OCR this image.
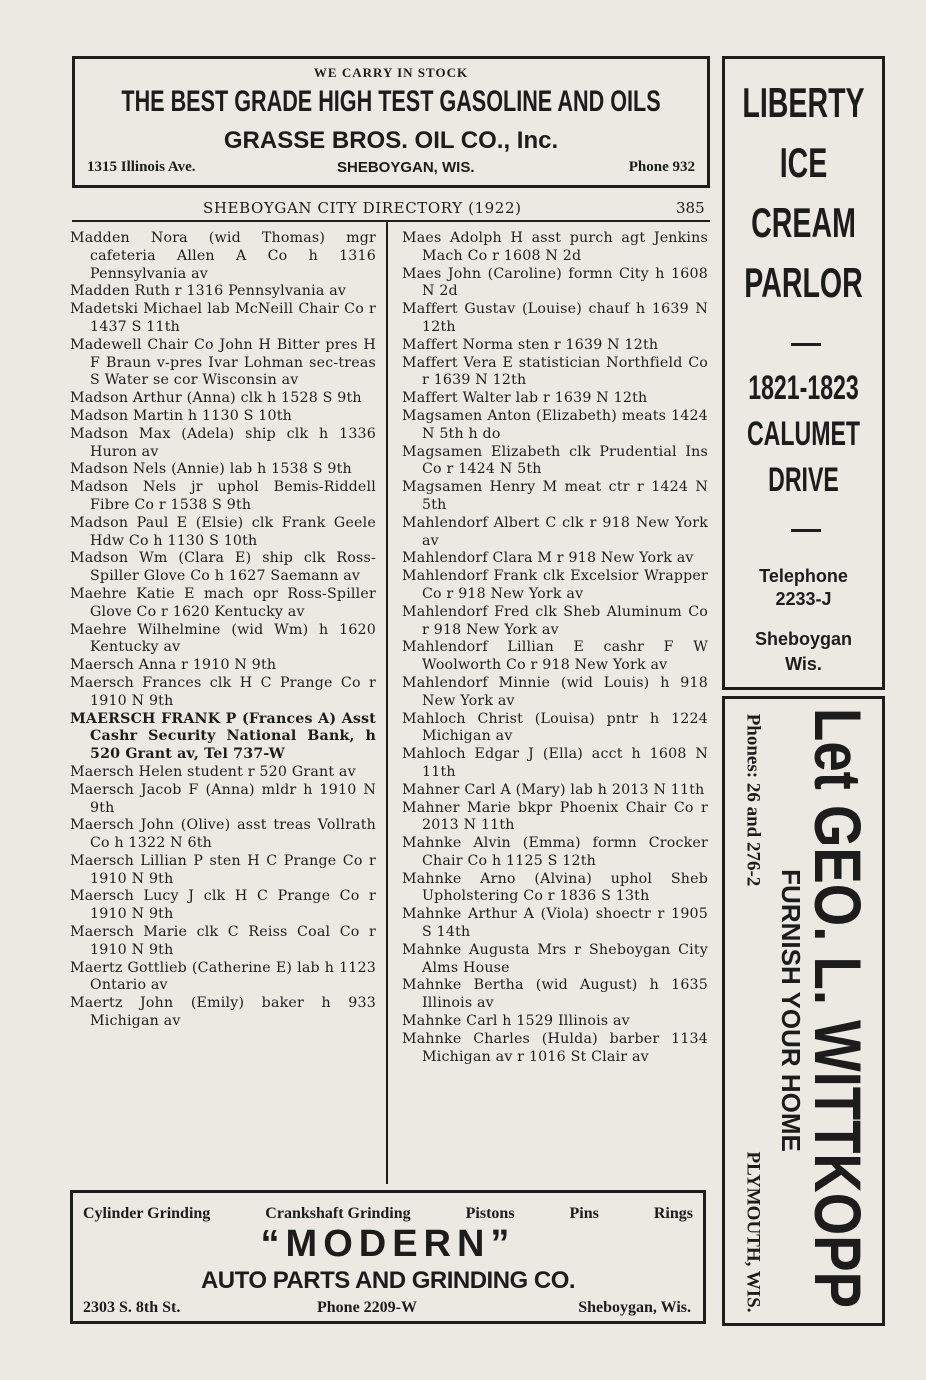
WE CARRY IN STOCK
THE BEST GRADE HIGH TEST GASOLINE AND OILS
GRASSE BROS. OIL CO., Inc.
1315 Illinois Ave.	SHEBOYGAN, WIS.	Phone 932
SHEBOYGAN CITY DIRECTORY (1922)	385
Madden Nora (wid Thomas) mgr cafeteria Allen A Co h 1316 Pennsylvania av
Madden Ruth r 1316 Pennsylvania av
Madetski Michael lab McNeill Chair Co r 1437 S 11th
Madewell Chair Co John H Bitter pres H F Braun v-pres Ivar Lohman sec-treas S Water se cor Wisconsin av
Madson Arthur (Anna) clk h 1528 S 9th
Madson Martin h 1130 S 10th
Madson Max (Adela) ship clk h 1336 Huron av
Madson Nels (Annie) lab h 1538 S 9th
Madson Nels jr uphol Bemis-Riddell Fibre Co r 1538 S 9th
Madson Paul E (Elsie) clk Frank Geele Hdw Co h 1130 S 10th
Madson Wm (Clara E) ship clk Ross-Spiller Glove Co h 1627 Saemann av
Maehre Katie E mach opr Ross-Spiller Glove Co r 1620 Kentucky av
Maehre Wilhelmine (wid Wm) h 1620 Kentucky av
Maersch Anna r 1910 N 9th
Maersch Frances clk H C Prange Co r 1910 N 9th
MAERSCH FRANK P (Frances A) Asst Cashr Security National Bank, h 520 Grant av, Tel 737-W
Maersch Helen student r 520 Grant av
Maersch Jacob F (Anna) mldr h 1910 N 9th
Maersch John (Olive) asst treas Vollrath Co h 1322 N 6th
Maersch Lillian P sten H C Prange Co r 1910 N 9th
Maersch Lucy J clk H C Prange Co r 1910 N 9th
Maersch Marie clk C Reiss Coal Co r 1910 N 9th
Maertz Gottlieb (Catherine E) lab h 1123 Ontario av
Maertz John (Emily) baker h 933 Michigan av
Maes Adolph H asst purch agt Jenkins Mach Co r 1608 N 2d
Maes John (Caroline) formn City h 1608 N 2d
Maffert Gustav (Louise) chauf h 1639 N 12th
Maffert Norma sten r 1639 N 12th
Maffert Vera E statistician Northfield Co r 1639 N 12th
Maffert Walter lab r 1639 N 12th
Magsamen Anton (Elizabeth) meats 1424 N 5th h do
Magsamen Elizabeth clk Prudential Ins Co r 1424 N 5th
Magsamen Henry M meat ctr r 1424 N 5th
Mahlendorf Albert C clk r 918 New York av
Mahlendorf Clara M r 918 New York av
Mahlendorf Frank clk Excelsior Wrapper Co r 918 New York av
Mahlendorf Fred clk Sheb Aluminum Co r 918 New York av
Mahlendorf Lillian E cashr F W Woolworth Co r 918 New York av
Mahlendorf Minnie (wid Louis) h 918 New York av
Mahloch Christ (Louisa) pntr h 1224 Michigan av
Mahloch Edgar J (Ella) acct h 1608 N 11th
Mahner Carl A (Mary) lab h 2013 N 11th
Mahner Marie bkpr Phoenix Chair Co r 2013 N 11th
Mahnke Alvin (Emma) formn Crocker Chair Co h 1125 S 12th
Mahnke Arno (Alvina) uphol Sheb Upholstering Co r 1836 S 13th
Mahnke Arthur A (Viola) shoectr r 1905 S 14th
Mahnke Augusta Mrs r Sheboygan City Alms House
Mahnke Bertha (wid August) h 1635 Illinois av
Mahnke Carl h 1529 Illinois av
Mahnke Charles (Hulda) barber 1134 Michigan av r 1016 St Clair av
LIBERTY
ICE
CREAM
PARLOR
1821-1823
CALUMET
DRIVE
Telephone
2233-J
Sheboygan
Wis.
Let GEO. L. WITTKOPP
FURNISH YOUR HOME
Phones: 26 and 276-2
PLYMOUTH, WIS.
Cylinder Grinding	Crankshaft Grinding	Pistons	Pins	Rings
“MODERN”
AUTO PARTS AND GRINDING CO.
2303 S. 8th St.	Phone 2209-W	Sheboygan, Wis.
